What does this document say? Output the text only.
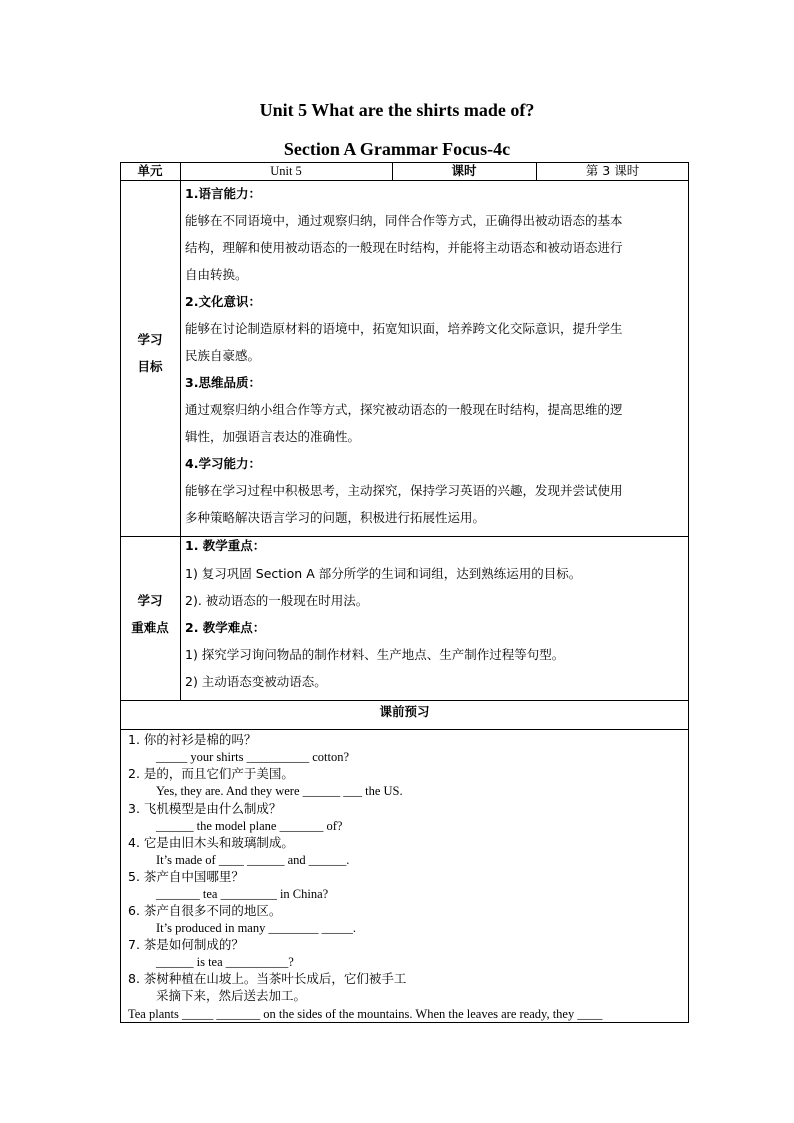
Unit 5 What are the shirts made of?
Section A Grammar Focus-4c
单元	Unit 5	课时	第 3 课时
学习
目标
1.语言能力：
能够在不同语境中，通过观察归纳，同伴合作等方式，正确得出被动语态的基本
结构，理解和使用被动语态的一般现在时结构，并能将主动语态和被动语态进行
自由转换。
2.文化意识：
能够在讨论制造原材料的语境中，拓宽知识面，培养跨文化交际意识，提升学生
民族自豪感。
3.思维品质：
通过观察归纳小组合作等方式，探究被动语态的一般现在时结构，提高思维的逻
辑性，加强语言表达的准确性。
4.学习能力：
能够在学习过程中积极思考，主动探究，保持学习英语的兴趣，发现并尝试使用
多种策略解决语言学习的问题，积极进行拓展性运用。
学习
重难点
1. 教学重点：
1) 复习巩固 Section A 部分所学的生词和词组，达到熟练运用的目标。
2). 被动语态的一般现在时用法。
2. 教学难点：
1) 探究学习询问物品的制作材料、生产地点、生产制作过程等句型。
2) 主动语态变被动语态。
课前预习
1. 你的衬衫是棉的吗？
_____ your shirts __________ cotton?
2. 是的，而且它们产于美国。
Yes, they are. And they were ______ ___ the US.
3. 飞机模型是由什么制成？
______ the model plane _______ of?
4. 它是由旧木头和玻璃制成。
It’s made of ____ ______ and ______.
5. 茶产自中国哪里？
_______ tea _________ in China?
6. 茶产自很多不同的地区。
It’s produced in many ________ _____.
7. 茶是如何制成的？
______ is tea __________?
8. 茶树种植在山坡上。当茶叶长成后，它们被手工
采摘下来，然后送去加工。
Tea plants _____ _______ on the sides of the mountains. When the leaves are ready, they ____
